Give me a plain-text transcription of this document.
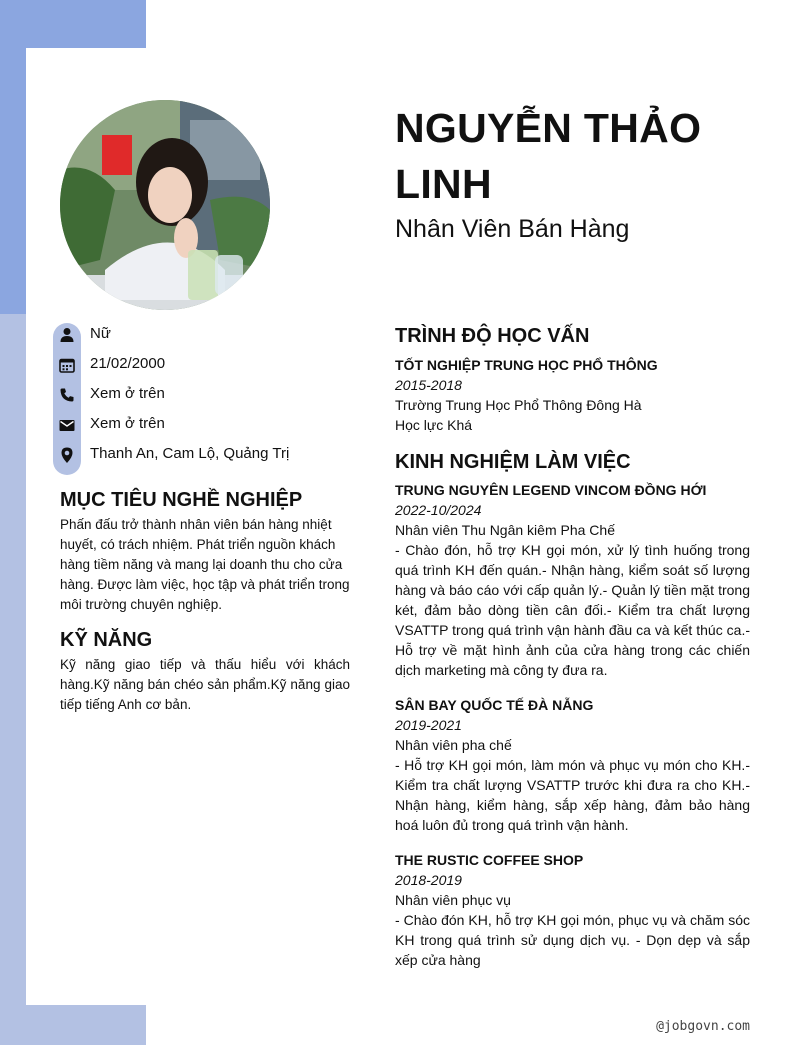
NGUYỄN THẢO LINH
Nhân Viên Bán Hàng
Nữ
21/02/2000
Xem ở trên
Xem ở trên
Thanh An, Cam Lộ, Quảng Trị
MỤC TIÊU NGHỀ NGHIỆP
Phấn đấu trở thành nhân viên bán hàng nhiệt huyết, có trách nhiệm. Phát triển nguồn khách hàng tiềm năng và mang lại doanh thu cho cửa hàng. Được làm việc, học tập và phát triển trong môi trường chuyên nghiệp.
KỸ NĂNG
Kỹ năng giao tiếp và thấu hiểu với khách hàng.Kỹ năng bán chéo sản phẩm.Kỹ năng giao tiếp tiếng Anh cơ bản.
TRÌNH ĐỘ HỌC VẤN
TỐT NGHIỆP TRUNG HỌC PHỔ THÔNG
2015-2018
Trường Trung Học Phổ Thông Đông Hà
Học lực Khá
KINH NGHIỆM LÀM VIỆC
TRUNG NGUYÊN LEGEND VINCOM ĐỒNG HỚI
2022-10/2024
Nhân viên Thu Ngân kiêm Pha Chế
- Chào đón, hỗ trợ KH gọi món, xử lý tình huống trong quá trình KH đến quán.- Nhận hàng, kiểm soát số lượng hàng và báo cáo với cấp quản lý.- Quản lý tiền mặt trong két, đảm bảo dòng tiền cân đối.- Kiểm tra chất lượng VSATTP trong quá trình vận hành đầu ca và kết thúc ca.- Hỗ trợ về mặt hình ảnh của cửa hàng trong các chiến dịch marketing mà công ty đưa ra.
SÂN BAY QUỐC TẾ ĐÀ NẴNG
2019-2021
Nhân viên pha chế
- Hỗ trợ KH gọi món, làm món và phục vụ món cho KH.- Kiểm tra chất lượng VSATTP trước khi đưa ra cho KH.- Nhận hàng, kiểm hàng, sắp xếp hàng, đảm bảo hàng hoá luôn đủ trong quá trình vận hành.
THE RUSTIC COFFEE SHOP
2018-2019
Nhân viên phục vụ
- Chào đón KH, hỗ trợ KH gọi món, phục vụ và chăm sóc KH trong quá trình sử dụng dịch vụ. - Dọn dẹp và sắp xếp cửa hàng
@jobgovn.com
